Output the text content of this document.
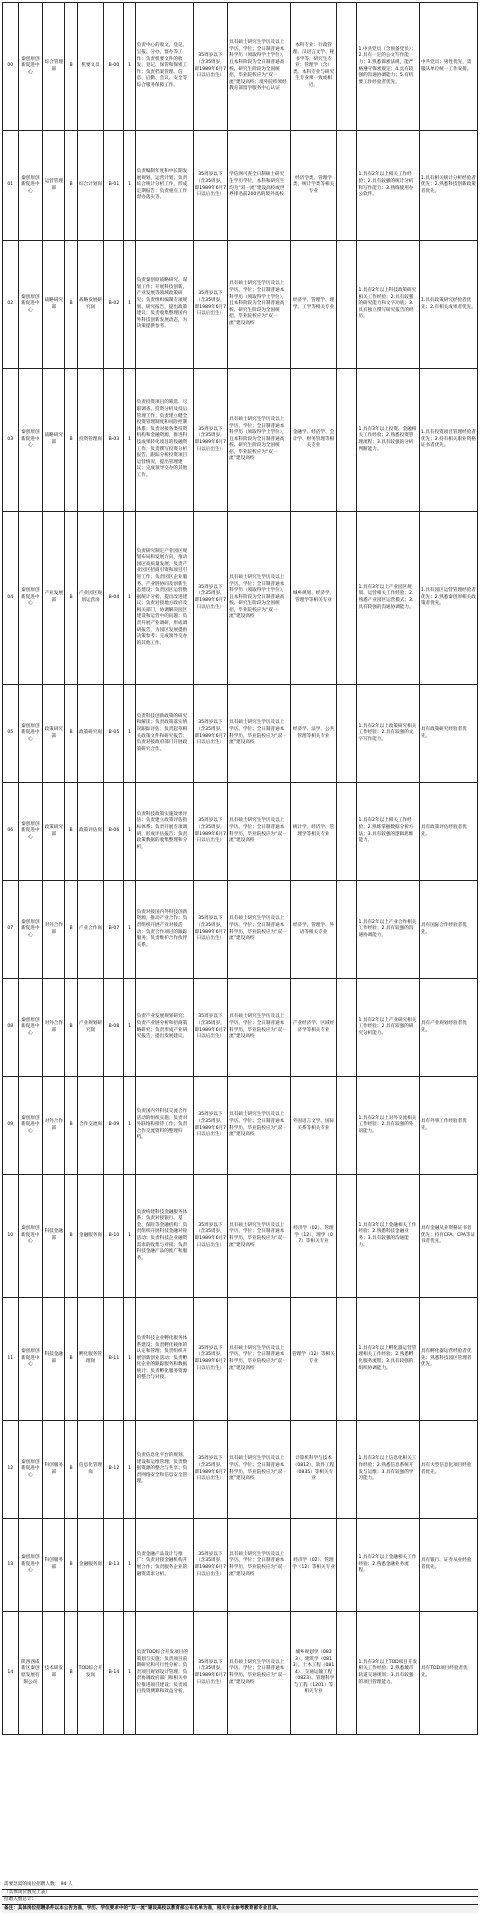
00	秦创原创新促进中心	综合管理部	B	机要文员	B-00	1	负责中心的收文、登记、呈报、分办、督办等工作；负责机要文件的收发、登记、保管和保密工作；负责档案管理、信息、后勤、会议、安全等综合服务保障工作。	35周岁以下（含35周岁，即1989年6月7日以后出生）	具有硕士研究生学历及以上学历、学位；全日制普通本科学历（须取得学士学位），且本科阶段为全日制普通高校、研究生阶段为全国统招，毕业院校应为“双一流”建设高校；境外院校须经教育部留学服务中心认证	本科专业：行政管理、汉语言文学、秘书学等；研究生专业：管理学（含）类。本科专业与研究生专业须一致或相近。		1.中共党员（含预备党员）；2.具有一定的公文写作能力；3.熟悉保密法规，能严格遵守保密规定；4.具有较强的沟通协调能力；5.有机要工作经验者优先。	中共党员；男性优先，需服从单位统一工作安排。
01	秦创原创新促进中心	运营管理部	B	综合计划岗	B-01	1	负责编制年度和中长期发展规划、运营计划；负责综合统计分析工作，形成定期报告；负责重点工作督办落实等。	35周岁以下（含35周岁，即1989年6月7日以后出生）	学信网可查全日制硕士研究生学历学位，本科和研究生均为“双一流”建设高校或世界排名前200名的境外高校	经济学类、管理学类、统计学类等相关专业		1.具有2年以上相关工作经验；2.具有较强的统计分析和写作能力；3.熟练使用办公软件。	1.具有相关统计分析经验者优先；2.熟悉科技创新政策者优先。
02	秦创原创新促进中心	战略研究部	B	战略发展研究岗	B-02	1	负责秦创原战略研究、谋划工作；开展科技创新、产业发展等领域政策研究；负责组织编制专项规划、研究报告，提出政策建议；负责收集整理国内外科技创新发展动态，为决策提供参考。	35周岁以下（含35周岁，即1989年6月7日以后出生）	具有硕士研究生学历及以上学历、学位；全日制普通本科学历（须取得学士学位），且本科阶段为全日制普通高校、研究生阶段为全国统招，毕业院校应为“双一流”建设高校	经济学、管理学、理学、工学等相关专业		1.具有2年以上科技政策研究相关工作经验；2.具有较强的研究能力和文字功底；3.具有独立撰写研究报告的经历。	1.具有政策研究经验者优先；2.有相关成果者优先。
03	秦创原创新促进中心	战略研究部	B	投资管理岗	B-03	1	负责投资项目的筛选、尽职调查、投资分析及投后管理工作；负责建立健全投资管理制度和风险控制体系；负责对接各类投资机构和金融资源，推进科技成果转化项目的投融资工作；负责撰写投资分析报告，跟踪分析投资项目运营情况，提出管理建议；完成领导交办的其他工作。	35周岁以下（含35周岁，即1989年6月7日以后出生）	具有硕士研究生学历及以上学历、学位；全日制普通本科学历（须取得学士学位），且本科阶段为全日制普通高校、研究生阶段为全国统招，毕业院校应为“双一流”建设高校	金融学、经济学、会计学、财务管理等相关专业		1.具有3年以上投资、金融相关工作经验；2.熟悉投资管理流程；3.具有较强的分析判断能力。	1.具有投资项目管理经验者优先；2.持有相关职业资格证书者优先。
04	秦创原创新促进中心	产业发展部	B	产业园区规划运营岗	B-04	1	负责研究制定产业园区规划布局和发展方向，推动园区高质量发展；负责产业园区招商引资和项目引进工作；负责园区企业服务、产业链协同及创新生态建设；负责园区运营数据统计分析，提出改进建议；负责对接地方政府及相关部门，协调解决园区建设和运营中的问题；负责开展产业调研，形成调研报告，为园区发展提供决策参考；完成领导交办的其他工作。	35周岁以下（含35周岁，即1989年6月7日以后出生）	具有硕士研究生学历及以上学历、学位；全日制普通本科学历（须取得学士学位），且本科阶段为全日制普通高校、研究生阶段为全国统招，毕业院校应为“双一流”建设高校	城乡规划、经济学、管理学等相关专业		1.具有3年以上产业园区规划、运营相关工作经验；2.熟悉产业园区运营模式；3.具有较强的沟通协调能力。	1.具有园区运营管理经验者优先；2.熟悉秦创原相关政策者优先。
05	秦创原创新促进中心	政策研究部	B	政策研究岗	B-05	1	负责科技创新政策的研究和解读；负责政策落实情况跟踪评估；负责起草相关政策文件和研究报告；负责对接政府部门开展政策研究合作。	35周岁以下（含35周岁，即1989年6月7日以后出生）	具有硕士研究生学历及以上学历、学位；全日制普通本科学历，毕业院校应为“双一流”建设高校	经济学、法学、公共管理等相关专业		1.具有2年以上政策研究相关工作经验；2.具有较强的文字写作能力。	具有政策研究经验者优先。
06	秦创原创新促进中心	政策研究部	B	政策评估岗	B-06	1	负责科技政策实施效果评估；负责建立政策评估指标体系；负责开展专项调研，形成评估报告；负责政策数据的收集整理和分析。	35周岁以下（含35周岁，即1989年6月7日以后出生）	具有硕士研究生学历及以上学历、学位；全日制普通本科学历，毕业院校应为“双一流”建设高校	统计学、经济学、管理学等相关专业		1.具有2年以上相关工作经验；2.熟练掌握数据分析方法；3.具有较强的逻辑思维能力。	具有政策评估经验者优先。
07	秦创原创新促进中心	对外合作部	B	产业合作岗	B-07	1	负责对接国内外科技创新资源，推动产业合作；负责组织开展产业对接活动；负责合作项目的跟踪服务；负责维护合作伙伴关系。	35周岁以下（含35周岁，即1989年6月7日以后出生）	具有硕士研究生学历及以上学历、学位；全日制普通本科学历，毕业院校应为“双一流”建设高校	经济学、管理学、外语等相关专业		1.具有2年以上产业合作相关工作经验；2.具有较强的沟通协调能力。	具有国际合作经验者优先。
08	秦创原创新促进中心	对外合作部	B	产业规划研究岗	B-08	1	负责产业发展规划研究；负责产业链分析和招商策略研究；负责形成产业研究报告，提出发展建议。	35周岁以下（含35周岁，即1989年6月7日以后出生）	具有硕士研究生学历及以上学历、学位；全日制普通本科学历，毕业院校应为“双一流”建设高校	产业经济学、区域经济学等相关专业		1.具有2年以上产业研究相关工作经验；2.具有较强的研究分析能力。	具有产业规划经验者优先。
09	秦创原创新促进中心	对外合作部	B	合作交流岗	B-09	1	负责国内外科技交流合作活动的组织实施；负责对外联络和接待工作；负责合作交流资料的整理归档。	35周岁以下（含35周岁，即1989年6月7日以后出生）	具有硕士研究生学历及以上学历、学位；全日制普通本科学历，毕业院校应为“双一流”建设高校	外国语言文学、国际关系等相关专业		1.具有2年以上对外交流相关工作经验；2.具有较强的外语能力。	具有外事工作经验者优先。
10	秦创原创新促进中心	科技金融部	B	金融服务岗	B-10	1	负责构建科技金融服务体系；负责对接银行、基金、保险等金融机构；负责组织开展科技金融对接活动；负责科技企业融资需求的收集与对接；负责科技金融产品的推广和服务。	35周岁以下（含35周岁，即1989年6月7日以后出生）	具有硕士研究生学历及以上学历、学位；全日制普通本科学历，毕业院校应为“双一流”建设高校	经济学（02）、管理学（12）、理学（07）等相关专业		1.具有3年以上金融相关工作经验；2.熟悉科技金融业务；3.具有较强的沟通能力。	具有金融从业资格证书者优先；持有CFA、CPA等证书者优先。
11	秦创原创新促进中心	科技金融部	B	孵化服务管理岗	B-11	1	负责科技企业孵化服务体系建设；负责孵化载体的认定和管理；负责组织开展创新创业活动；负责孵化企业的跟踪服务和数据统计；负责孵化服务资源的整合与对接。	35周岁以下（含35周岁，即1989年6月7日以后出生）	具有硕士研究生学历及以上学历、学位；全日制普通本科学历，毕业院校应为“双一流”建设高校	管理学（12）等相关专业		1.具有3年以上孵化器运营管理相关工作经验；2.熟悉孵化服务流程；3.具有较强的组织协调能力。	具有孵化器运营经验者优先；熟悉科技园区管理者优先。
12	秦创原创新促进中心	科创服务部	B	信息化管理岗	B-12	1	负责信息化平台的规划、建设和运维管理；负责数据资源的整合与共享；负责网络安全和信息安全管理。	35周岁以下（含35周岁，即1989年6月7日以后出生）	具有硕士研究生学历及以上学历、学位；全日制普通本科学历，毕业院校应为“双一流”建设高校	计算机科学与技术（0812）、软件工程（0835）等相关专业		1.具有3年以上信息化相关工作经验；2.熟悉信息系统开发与运维；3.具有较强的学习能力。	具有大型信息化项目经验者优先。
13	秦创原创新促进中心	科创服务部	B	金融服务岗	B-13	1	负责金融产品设计与推广；负责对接金融机构开展合作；负责服务企业的融资需求分析。	35周岁以下（含35周岁，即1989年6月7日以后出生）	具有硕士研究生学历及以上学历、学位；全日制普通本科学历，毕业院校应为“双一流”建设高校	经济学（02）、管理学（12）等相关专业		1.具有2年以上金融相关工作经验；2.熟悉金融业务流程。	具有银行、证券从业经验者优先。
14	陕西西咸新区秦创原发展有限公司	技术研发部	B	TOD综合开发岗	B-14	1	负责TOD综合开发项目的策划与实施；负责项目前期研究和可行性分析；负责项目规划设计管理；负责协调政府部门和相关单位推进项目建设；负责项目投资测算和效益分析。	35周岁以下（含35周岁，即1989年6月7日以后出生）	具有硕士研究生学历及以上学历、学位；全日制普通本科学历，毕业院校应为“双一流”建设高校	城乡规划学（0833）、建筑学（0813）、土木工程（0814）、交通运输工程（0823）、管理科学与工程（1201）等相关专业		1.具有3年以上TOD项目开发相关工作经验；2.熟悉城市轨道交通规划；3.具有较强的项目管理能力。	具有TOD项目经验者优先。
需要急需的岗位招聘人数： 94 人
（具体岗位数见上表）
招聘人数总计：
备注：具体岗位招聘条件以本公告为准，学历、学位要求中的“双一流”建设高校以教育部公布名单为准，相关专业参考教育部专业目录。
